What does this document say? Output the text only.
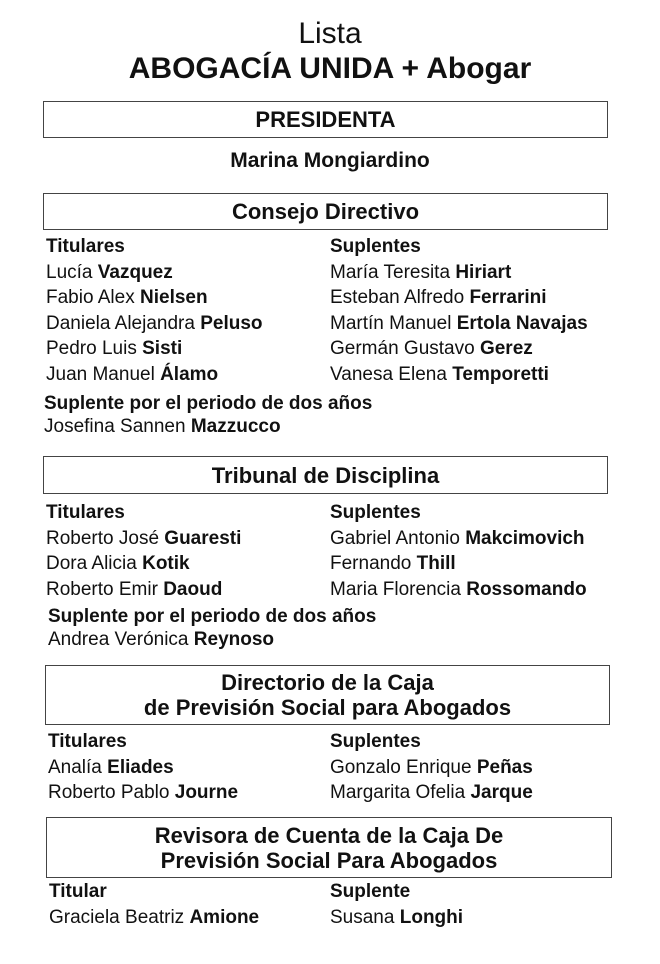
Lista
ABOGACÍA UNIDA + Abogar
PRESIDENTA
Marina Mongiardino
Consejo Directivo
Titulares
Lucía Vazquez
Fabio Alex Nielsen
Daniela Alejandra Peluso
Pedro Luis Sisti
Juan Manuel Álamo
Suplentes
María Teresita Hiriart
Esteban Alfredo Ferrarini
Martín Manuel Ertola Navajas
Germán Gustavo Gerez
Vanesa Elena Temporetti
Suplente por el periodo de dos años
Josefina Sannen Mazzucco
Tribunal de Disciplina
Titulares
Roberto José Guaresti
Dora Alicia Kotik
Roberto Emir Daoud
Suplentes
Gabriel Antonio Makcimovich
Fernando Thill
Maria Florencia Rossomando
Suplente por el periodo de dos años
Andrea Verónica Reynoso
Directorio de la Caja
de Previsión Social para Abogados
Titulares
Analía Eliades
Roberto Pablo Journe
Suplentes
Gonzalo Enrique Peñas
Margarita Ofelia Jarque
Revisora de Cuenta de la Caja De
Previsión Social Para Abogados
Titular
Graciela Beatriz Amione
Suplente
Susana Longhi
